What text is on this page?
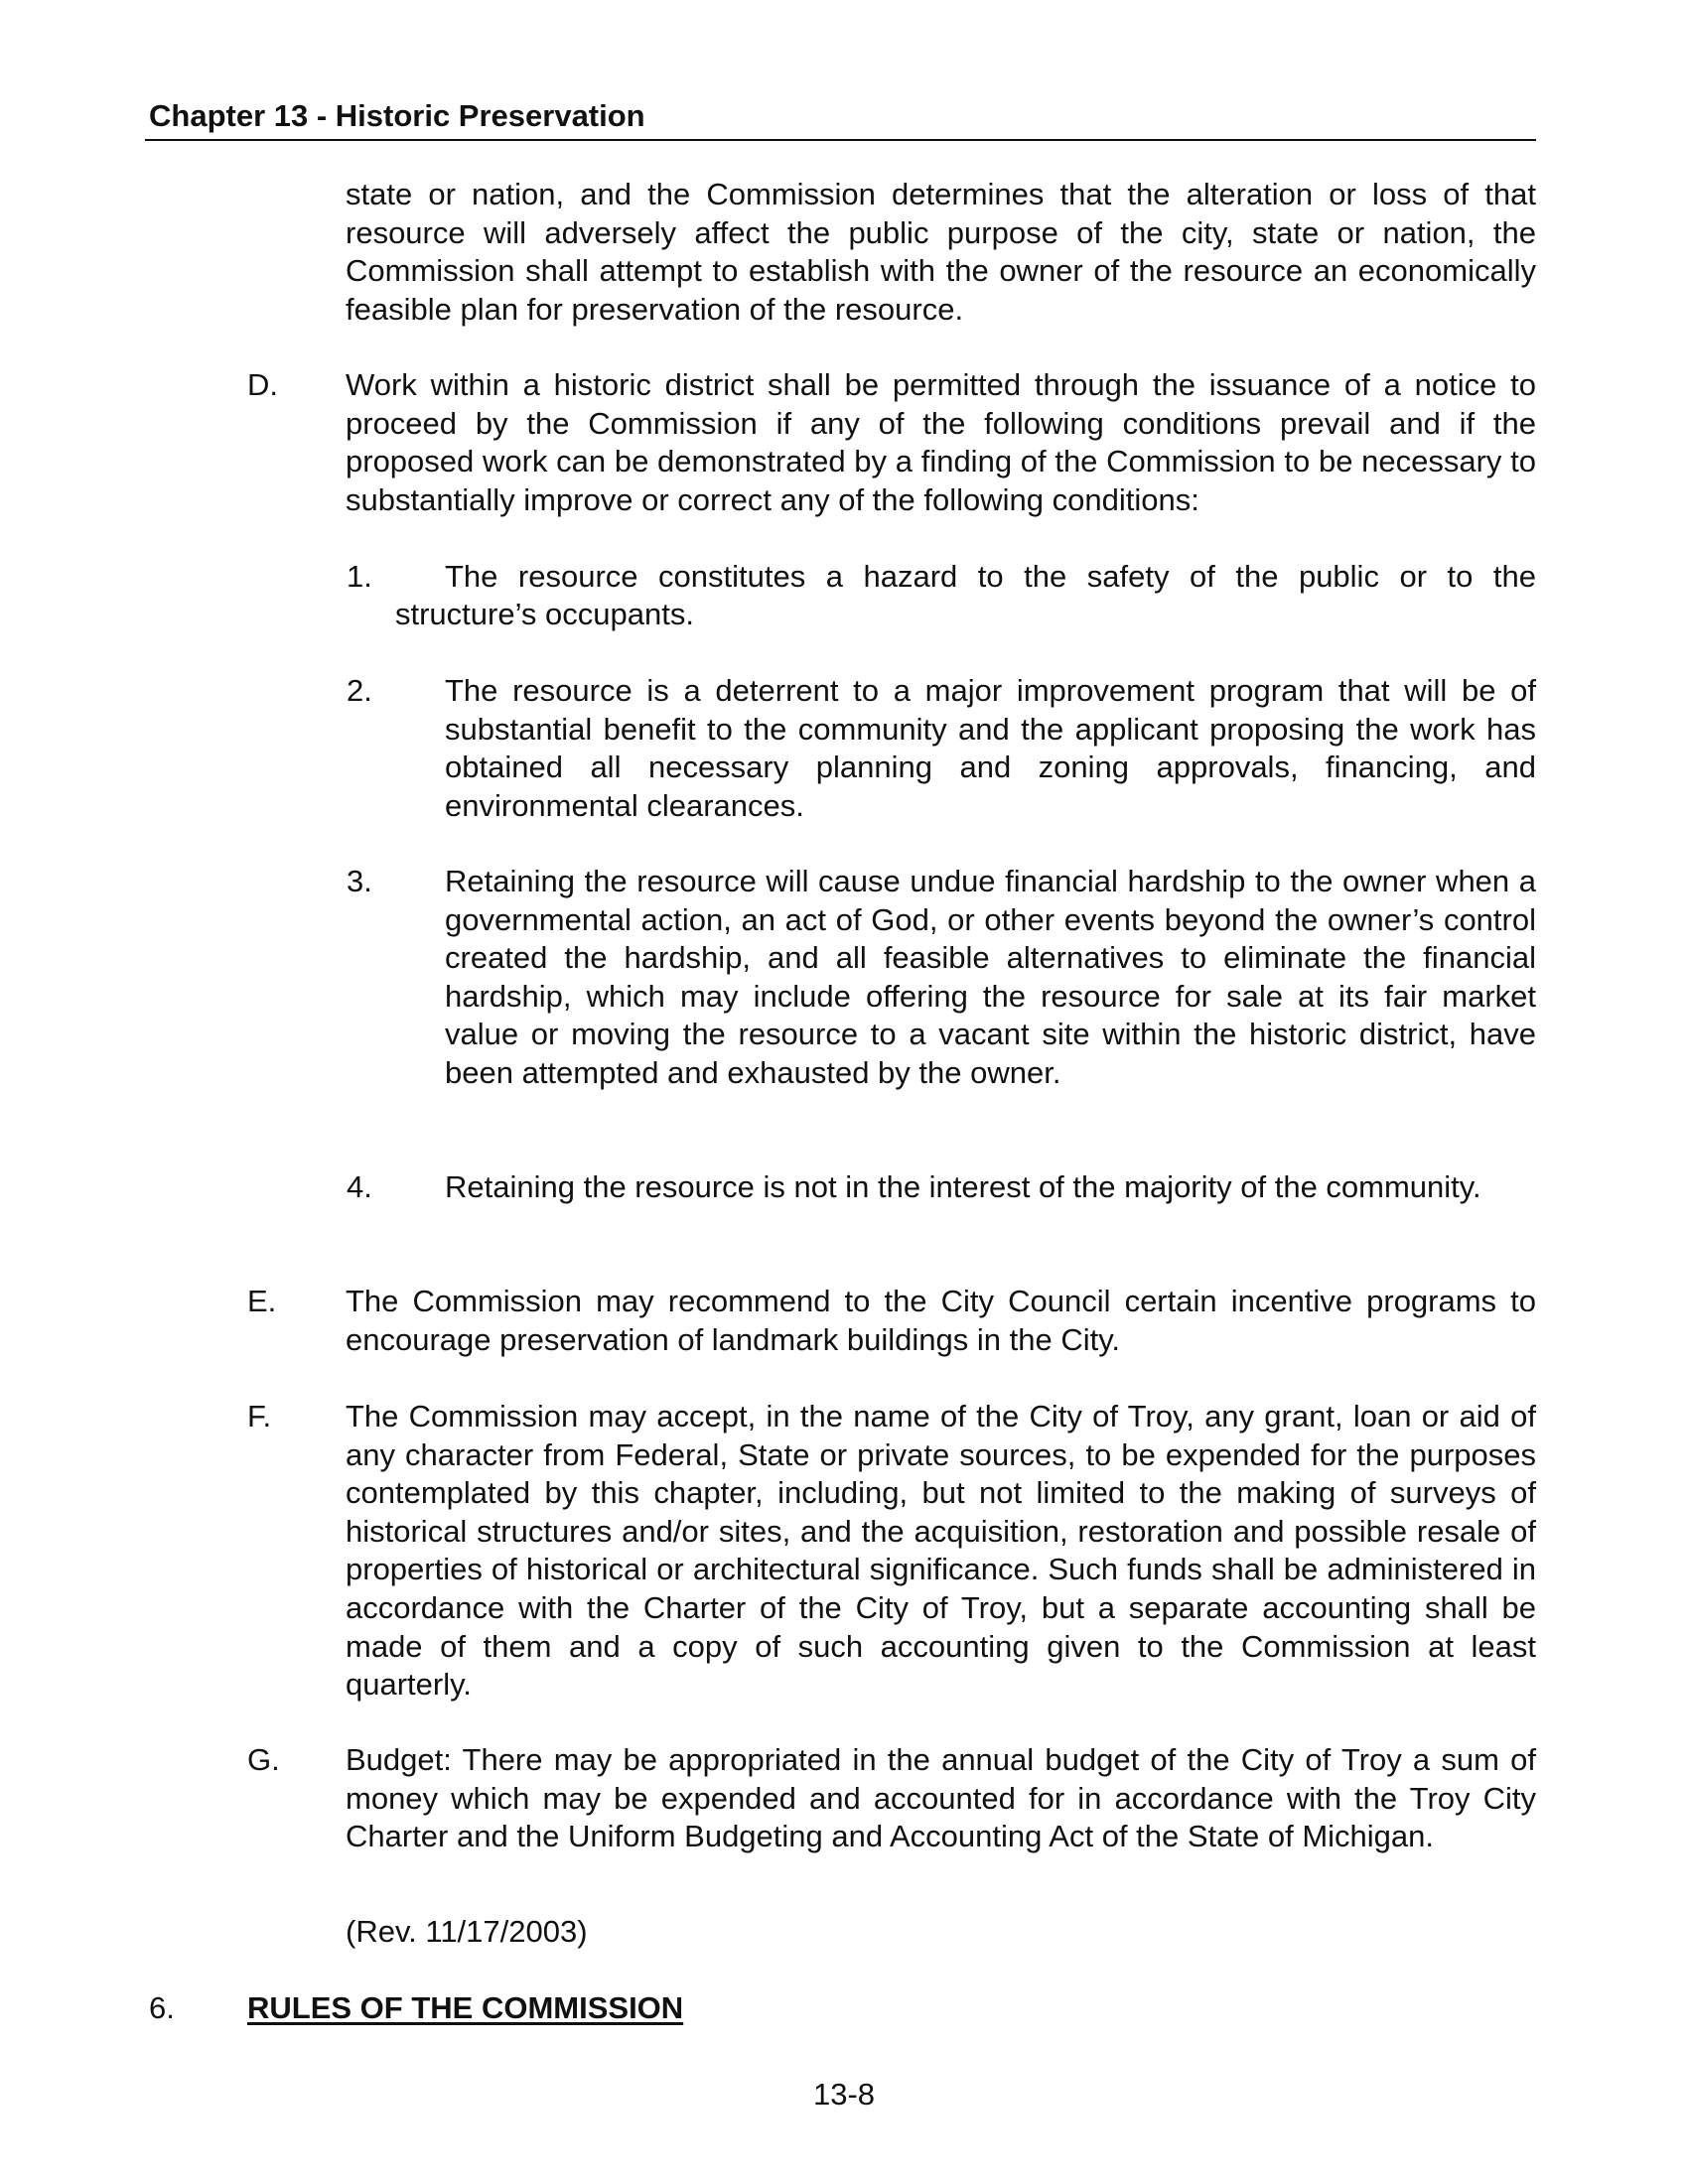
Chapter 13 - Historic Preservation

state or nation, and the Commission determines that the alteration or loss of that resource will adversely affect the public purpose of the city, state or nation, the Commission shall attempt to establish with the owner of the resource an economically feasible plan for preservation of the resource.

D. Work within a historic district shall be permitted through the issuance of a notice to proceed by the Commission if any of the following conditions prevail and if the proposed work can be demonstrated by a finding of the Commission to be necessary to substantially improve or correct any of the following conditions:

1. The resource constitutes a hazard to the safety of the public or to the
structure’s occupants.
2. The resource is a deterrent to a major improvement program that will be of substantial benefit to the community and the applicant proposing the work has obtained all necessary planning and zoning approvals, financing, and environmental clearances.

3. Retaining the resource will cause undue financial hardship to the owner when a governmental action, an act of God, or other events beyond the owner’s control created the hardship, and all feasible alternatives to eliminate the financial hardship, which may include offering the resource for sale at its fair market value or moving the resource to a vacant site within the historic district, have been attempted and exhausted by the owner.

4. Retaining the resource is not in the interest of the majority of the community.

E. The Commission may recommend to the City Council certain incentive programs to encourage preservation of landmark buildings in the City.

F. The Commission may accept, in the name of the City of Troy, any grant, loan or aid of any character from Federal, State or private sources, to be expended for the purposes contemplated by this chapter, including, but not limited to the making of surveys of historical structures and/or sites, and the acquisition, restoration and possible resale of properties of historical or architectural significance. Such funds shall be administered in accordance with the Charter of the City of Troy, but a separate accounting shall be made of them and a copy of such accounting given to the Commission at least quarterly.

G. Budget: There may be appropriated in the annual budget of the City of Troy a sum of money which may be expended and accounted for in accordance with the Troy City Charter and the Uniform Budgeting and Accounting Act of the State of Michigan.

(Rev. 11/17/2003)
6. RULES OF THE COMMISSION
13-8
